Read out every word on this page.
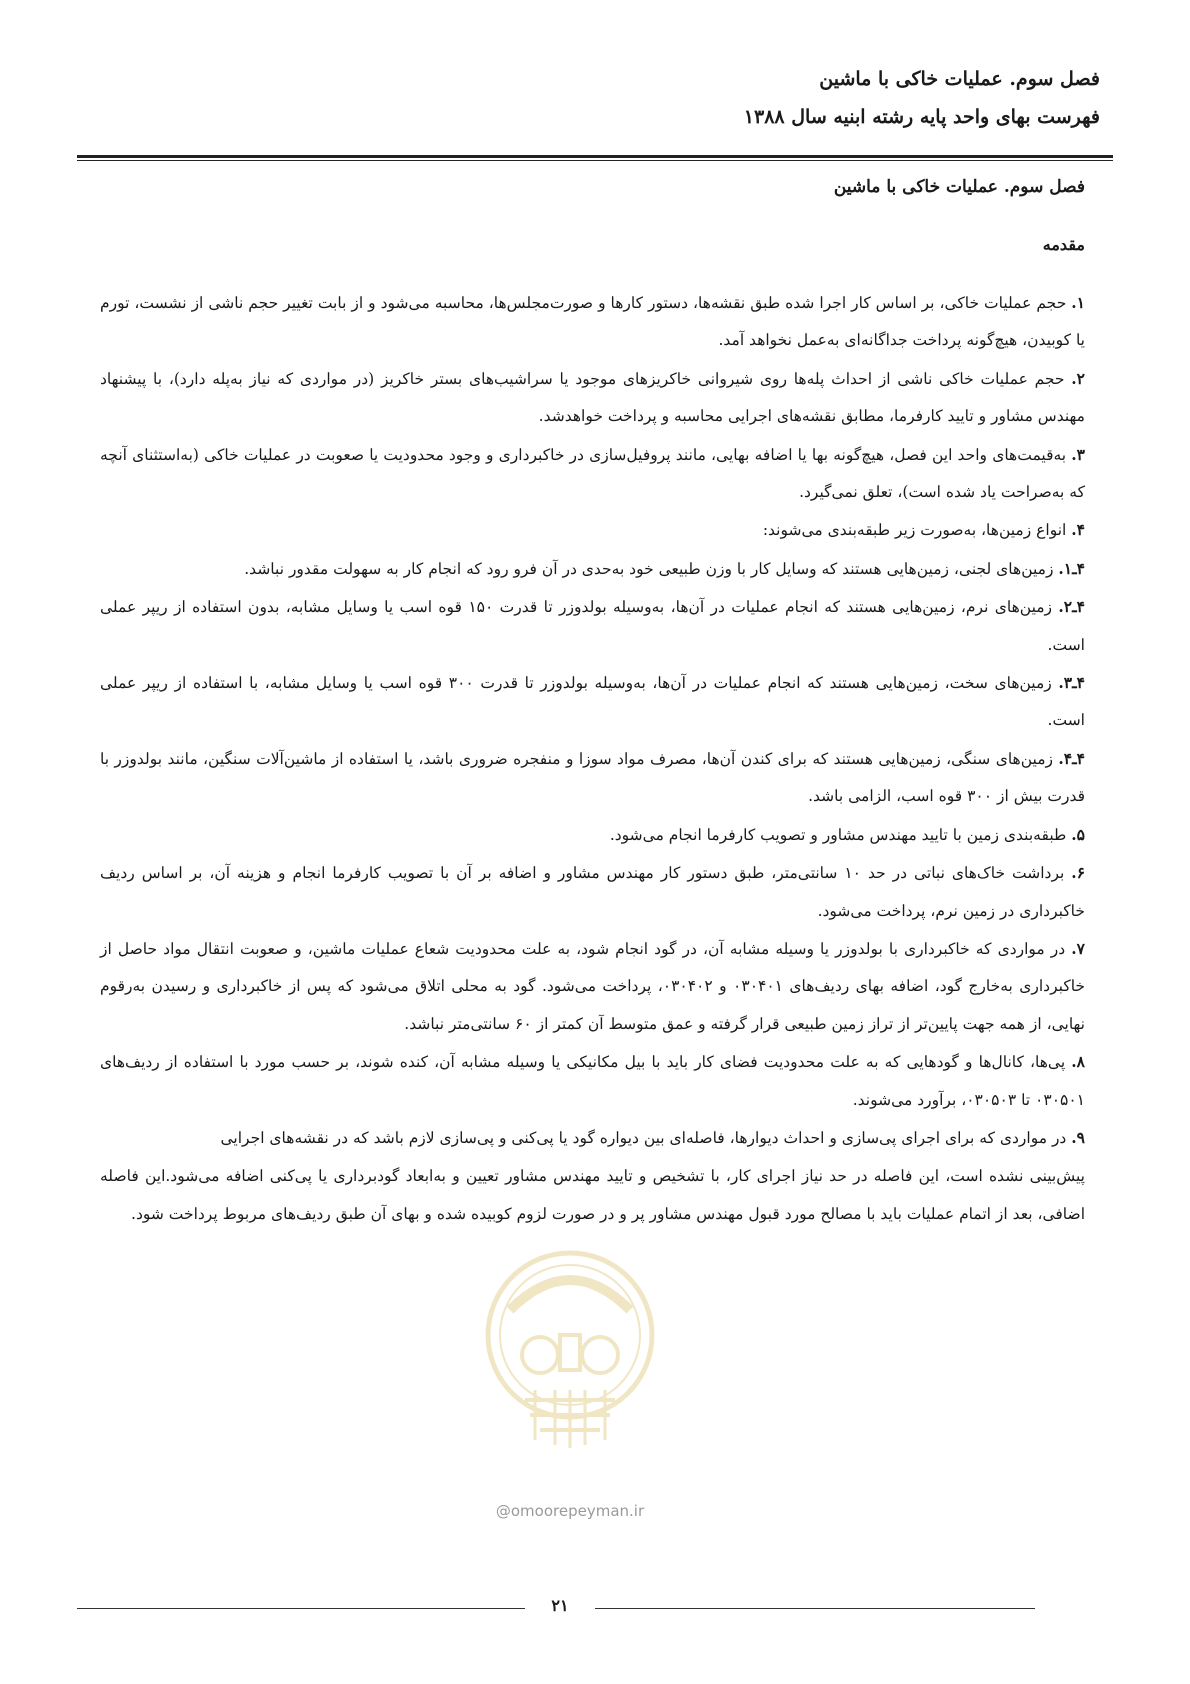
فصل سوم. عملیات خاکی با ماشین
فهرست بهای واحد پایه رشته ابنیه سال ۱۳۸۸
فصل سوم. عملیات خاکی با ماشین
مقدمه

۱. حجم عملیات خاکی، بر اساس کار اجرا شده طبق نقشه‌ها، دستور کارها و صورت‌مجلس‌ها، محاسبه می‌شود و از بابت تغییر حجم ناشی از نشست، تورم یا کوبیدن، هیچ‌گونه پرداخت جداگانه‌ای به‌عمل نخواهد آمد.

۲. حجم عملیات خاکی ناشی از احداث پله‌ها روی شیروانی خاکریزهای موجود یا سراشیب‌های بستر خاکریز (در مواردی که نیاز به‌پله دارد)، با پیشنهاد مهندس مشاور و تایید کارفرما، مطابق نقشه‌های اجرایی محاسبه و پرداخت خواهدشد.

۳. به‌قیمت‌های واحد این فصل، هیچ‌گونه بها یا اضافه بهایی، مانند پروفیل‌سازی در خاکبرداری و وجود محدودیت یا صعوبت در عملیات خاکی (به‌استثنای آنچه که به‌صراحت یاد شده است)، تعلق نمی‌گیرد.

۴. انواع زمین‌ها، به‌صورت زیر طبقه‌بندی می‌شوند:

۴ـ۱. زمین‌های لجنی، زمین‌هایی هستند که وسایل کار با وزن طبیعی خود به‌حدی در آن فرو رود که انجام کار به سهولت مقدور نباشد.

۴ـ۲. زمین‌های نرم، زمین‌هایی هستند که انجام عملیات در آن‌ها، به‌وسیله بولدوزر تا قدرت ۱۵۰ قوه اسب یا وسایل مشابه، بدون استفاده از ریپر عملی است.

۴ـ۳. زمین‌های سخت، زمین‌هایی هستند که انجام عملیات در آن‌ها، به‌وسیله بولدوزر تا قدرت ۳۰۰ قوه اسب یا وسایل مشابه، با استفاده از ریپر عملی است.

۴ـ۴. زمین‌های سنگی، زمین‌هایی هستند که برای کندن آن‌ها، مصرف مواد سوزا و منفجره ضروری باشد، یا استفاده از ماشین‌آلات سنگین، مانند بولدوزر با قدرت بیش از ۳۰۰ قوه اسب، الزامی باشد.

۵. طبقه‌بندی زمین با تایید مهندس مشاور و تصویب کارفرما انجام می‌شود.

۶. برداشت خاک‌های نباتی در حد ۱۰ سانتی‌متر، طبق دستور کار مهندس مشاور و اضافه بر آن با تصویب کارفرما انجام و هزینه آن، بر اساس ردیف خاکبرداری در زمین نرم، پرداخت می‌شود.

۷. در مواردی که خاکبرداری با بولدوزر یا وسیله مشابه آن، در گود انجام شود، به علت محدودیت شعاع عملیات ماشین، و صعوبت انتقال مواد حاصل از خاکبرداری به‌خارج گود، اضافه بهای ردیف‌های ۰۳۰۴۰۱ و ۰۳۰۴۰۲، پرداخت می‌شود. گود به محلی اتلاق می‌شود که پس از خاکبرداری و رسیدن به‌رقوم نهایی، از همه جهت پایین‌تر از تراز زمین طبیعی قرار گرفته و عمق متوسط آن کمتر از ۶۰ سانتی‌متر نباشد.

۸. پی‌ها، کانال‌ها و گودهایی که به علت محدودیت فضای کار باید با بیل مکانیکی یا وسیله مشابه آن، کنده شوند، بر حسب مورد با استفاده از ردیف‌های ۰۳۰۵۰۱ تا ۰۳۰۵۰۳، برآورد می‌شوند.

۹. در مواردی که برای اجرای پی‌سازی و احداث دیوارها، فاصله‌ای بین دیواره گود یا پی‌کنی و پی‌سازی لازم باشد که در نقشه‌های اجرایی

پیش‌بینی نشده است، این فاصله در حد نیاز اجرای کار، با تشخیص و تایید مهندس مشاور تعیین و به‌ابعاد گودبرداری یا پی‌کنی اضافه می‌شود.این فاصله اضافی، بعد از اتمام عملیات باید با مصالح مورد قبول مهندس مشاور پر و در صورت لزوم کوبیده شده و بهای آن طبق ردیف‌های مربوط پرداخت شود.

@omoorepeyman.ir
۲۱
